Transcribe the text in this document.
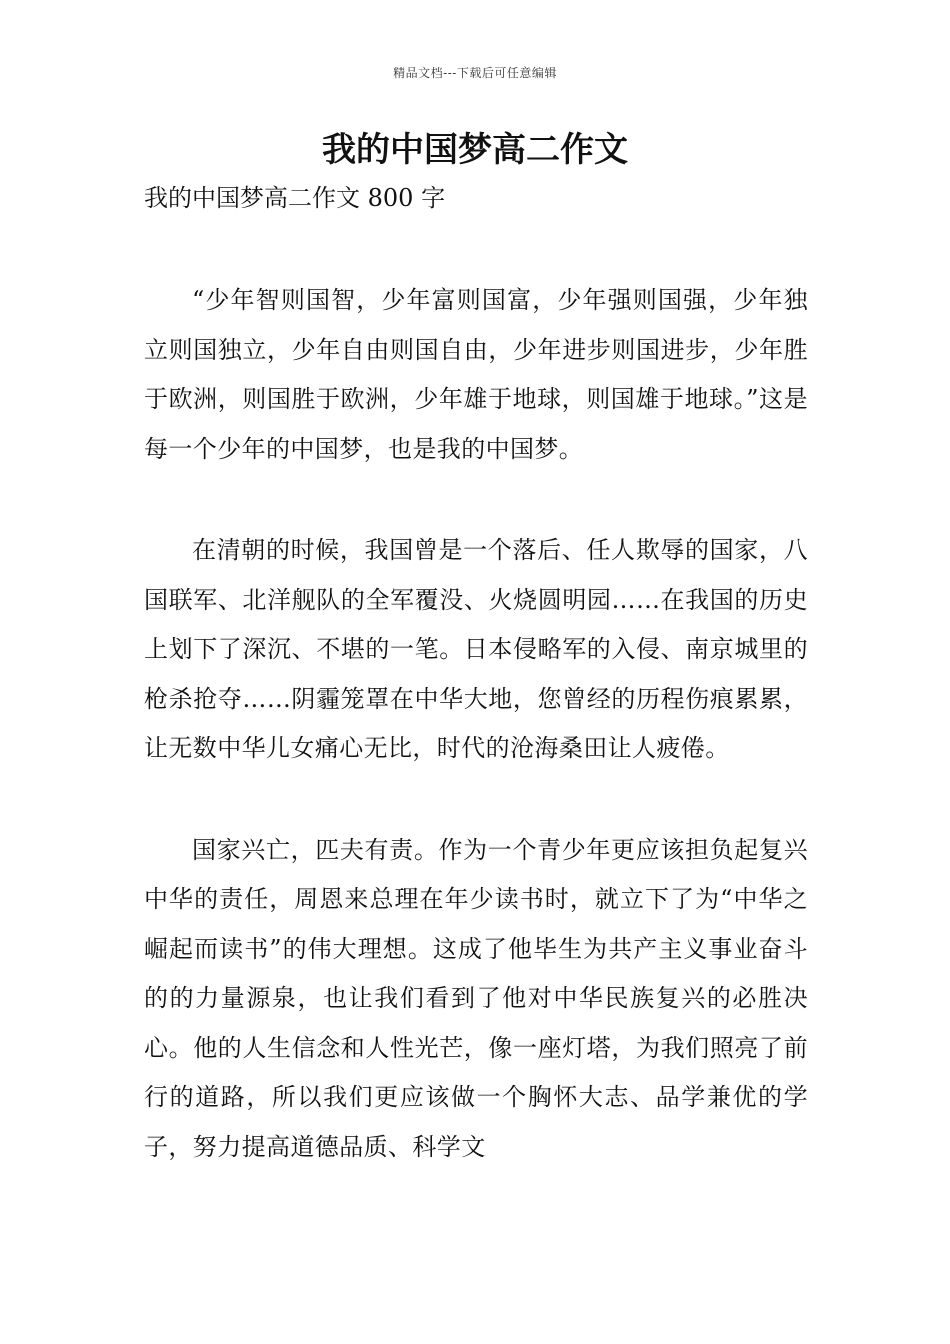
精品文档---下载后可任意编辑
我的中国梦高二作文
我的中国梦高二作文 800 字

“少年智则国智，少年富则国富，少年强则国强，少年独立则国独立，少年自由则国自由，少年进步则国进步，少年胜于欧洲，则国胜于欧洲，少年雄于地球，则国雄于地球。”这是每一个少年的中国梦，也是我的中国梦。

在清朝的时候，我国曾是一个落后、任人欺辱的国家，八国联军、北洋舰队的全军覆没、火烧圆明园……在我国的历史上划下了深沉、不堪的一笔。日本侵略军的入侵、南京城里的枪杀抢夺……阴霾笼罩在中华大地，您曾经的历程伤痕累累，让无数中华儿女痛心无比，时代的沧海桑田让人疲倦。

国家兴亡，匹夫有责。作为一个青少年更应该担负起复兴中华的责任，周恩来总理在年少读书时，就立下了为“中华之崛起而读书”的伟大理想。这成了他毕生为共产主义事业奋斗的的力量源泉，也让我们看到了他对中华民族复兴的必胜决心。他的人生信念和人性光芒，像一座灯塔，为我们照亮了前行的道路，所以我们更应该做一个胸怀大志、品学兼优的学子，努力提高道德品质、科学文
